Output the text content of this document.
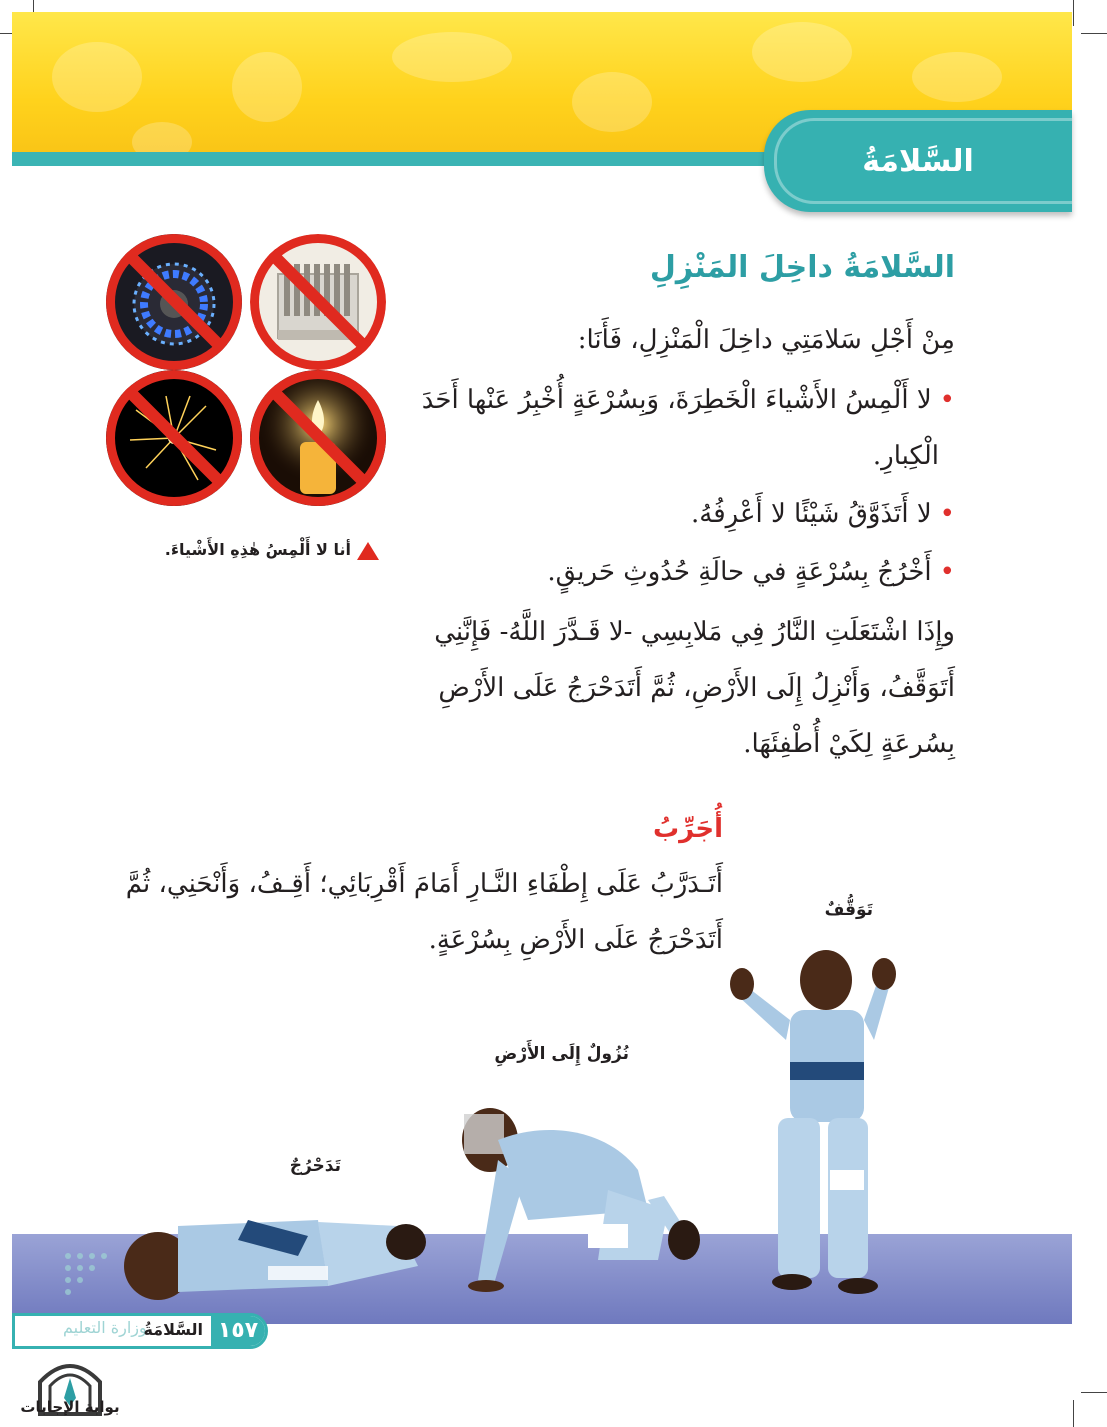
السَّلامَةُ
السَّلامَةُ داخِلَ المَنْزِلِ
مِنْ أَجْلِ سَلامَتِي داخِلَ الْمَنْزِلِ، فَأَنَا:
•لا أَلْمِسُ الأَشْياءَ الْخَطِرَةَ، وَبِسُرْعَةٍ أُخْبِرُ عَنْها أَحَدَ
الْكِبارِ.
•لا أَتَذَوَّقُ شَيْئًا لا أَعْرِفُهُ.
•أَخْرُجُ بِسُرْعَةٍ في حالَةِ حُدُوثِ حَريقٍ.
وإِذَا اشْتَعَلَتِ النَّارُ فِي مَلابِسِي -لا قَـدَّرَ اللَّهُ- فَإِنَّنِي
أَتَوَقَّفُ، وَأَنْزِلُ إِلَى الأَرْضِ، ثُمَّ أَتَدَحْرَجُ عَلَى الأَرْضِ
بِسُرعَةٍ لِكَيْ أُطْفِئَهَا.
أنا لا أَلْمِسُ هٰذِهِ الأَشْياءَ.
أُجَرِّبُ
أَتَـدَرَّبُ عَلَى إِطْفَاءِ النَّـارِ أَمَامَ أَقْرِبَائِي؛ أَقِـفُ، وَأَنْحَنِي، ثُمَّ
أَتَدَحْرَجُ عَلَى الأَرْضِ بِسُرْعَةٍ.
تَوَقُّفٌ
نُزُولٌ إِلَى الأَرْضِ
تَدَحْرُجٌ
وزارة التعليم
السَّلامَةُ ١٥٧
بوابة الإجابات
